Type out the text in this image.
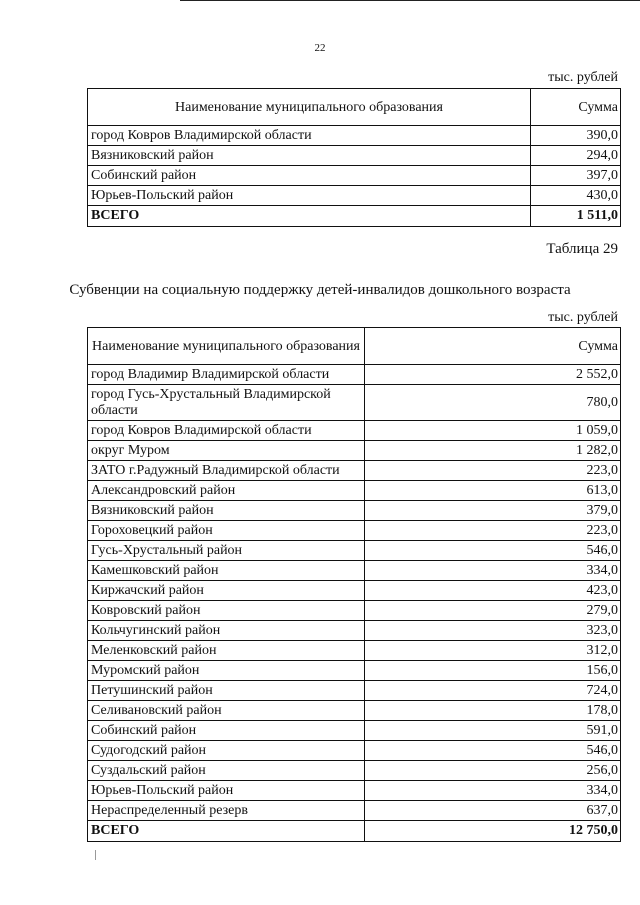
22
тыс. рублей
Наименование муниципального образования	Сумма
город Ковров Владимирской области	390,0
Вязниковский район	294,0
Собинский район	397,0
Юрьев-Польский район	430,0
ВСЕГО	1 511,0
Таблица 29
Субвенции на социальную поддержку детей-инвалидов дошкольного возраста
тыс. рублей
Наименование муниципального образования	Сумма
город Владимир Владимирской области	2 552,0
город Гусь-Хрустальный Владимирской области	780,0
город Ковров Владимирской области	1 059,0
округ Муром	1 282,0
ЗАТО г.Радужный Владимирской области	223,0
Александровский район	613,0
Вязниковский район	379,0
Гороховецкий район	223,0
Гусь-Хрустальный район	546,0
Камешковский район	334,0
Киржачский район	423,0
Ковровский район	279,0
Кольчугинский район	323,0
Меленковский район	312,0
Муромский район	156,0
Петушинский район	724,0
Селивановский район	178,0
Собинский район	591,0
Судогодский район	546,0
Суздальский район	256,0
Юрьев-Польский район	334,0
Нераспределенный резерв	637,0
ВСЕГО	12 750,0
